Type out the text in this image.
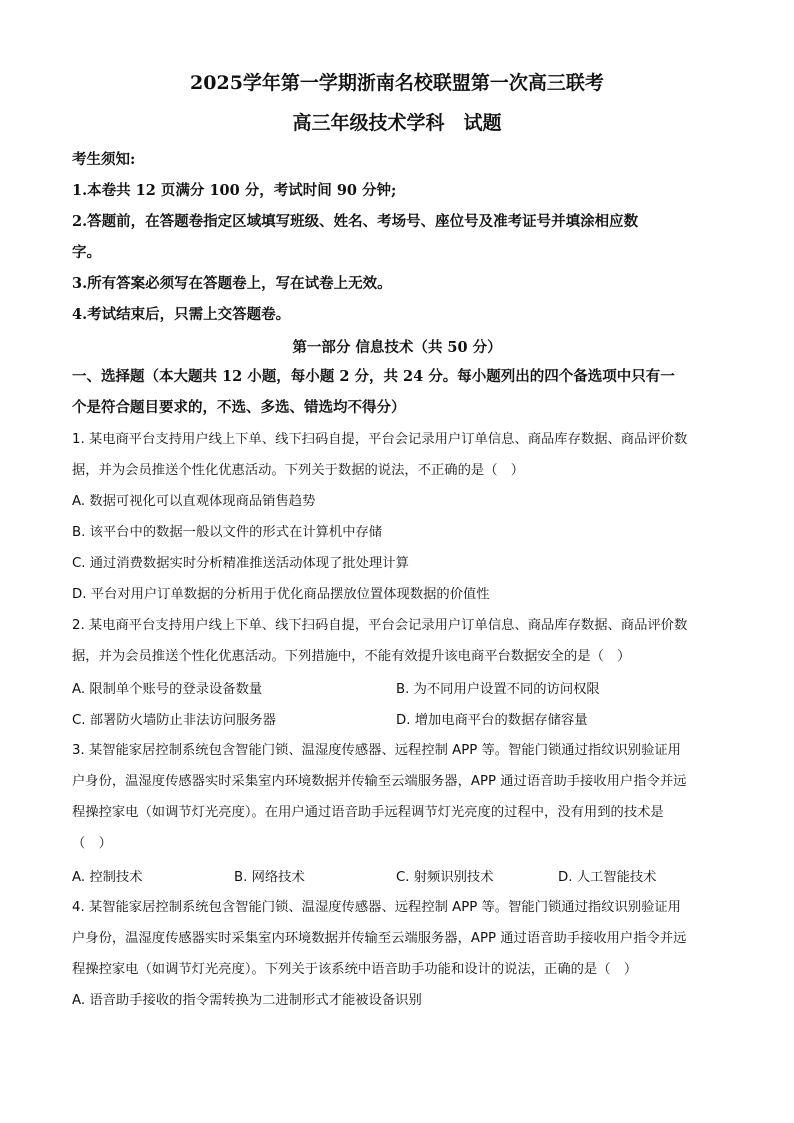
2025学年第一学期浙南名校联盟第一次高三联考
高三年级技术学科　试题
考生须知:
1.本卷共 12 页满分 100 分，考试时间 90 分钟;
2.答题前，在答题卷指定区域填写班级、姓名、考场号、座位号及准考证号并填涂相应数
字。
3.所有答案必须写在答题卷上，写在试卷上无效。
4.考试结束后，只需上交答题卷。
第一部分 信息技术（共 50 分）
一、选择题（本大题共 12 小题，每小题 2 分，共 24 分。每小题列出的四个备选项中只有一
个是符合题目要求的，不选、多选、错选均不得分）
1. 某电商平台支持用户线上下单、线下扫码自提，平台会记录用户订单信息、商品库存数据、商品评价数
据，并为会员推送个性化优惠活动。下列关于数据的说法，不正确的是（　）
A. 数据可视化可以直观体现商品销售趋势
B. 该平台中的数据一般以文件的形式在计算机中存储
C. 通过消费数据实时分析精准推送活动体现了批处理计算
D. 平台对用户订单数据的分析用于优化商品摆放位置体现数据的价值性
2. 某电商平台支持用户线上下单、线下扫码自提，平台会记录用户订单信息、商品库存数据、商品评价数
据，并为会员推送个性化优惠活动。下列措施中，不能有效提升该电商平台数据安全的是（　）
A. 限制单个账号的登录设备数量	B. 为不同用户设置不同的访问权限
C. 部署防火墙防止非法访问服务器	D. 增加电商平台的数据存储容量
3. 某智能家居控制系统包含智能门锁、温湿度传感器、远程控制 APP 等。智能门锁通过指纹识别验证用
户身份，温湿度传感器实时采集室内环境数据并传输至云端服务器，APP 通过语音助手接收用户指令并远
程操控家电（如调节灯光亮度）。在用户通过语音助手远程调节灯光亮度的过程中，没有用到的技术是
（　）
A. 控制技术	B. 网络技术	C. 射频识别技术	D. 人工智能技术
4. 某智能家居控制系统包含智能门锁、温湿度传感器、远程控制 APP 等。智能门锁通过指纹识别验证用
户身份，温湿度传感器实时采集室内环境数据并传输至云端服务器，APP 通过语音助手接收用户指令并远
程操控家电（如调节灯光亮度）。下列关于该系统中语音助手功能和设计的说法，正确的是（　）
A. 语音助手接收的指令需转换为二进制形式才能被设备识别
